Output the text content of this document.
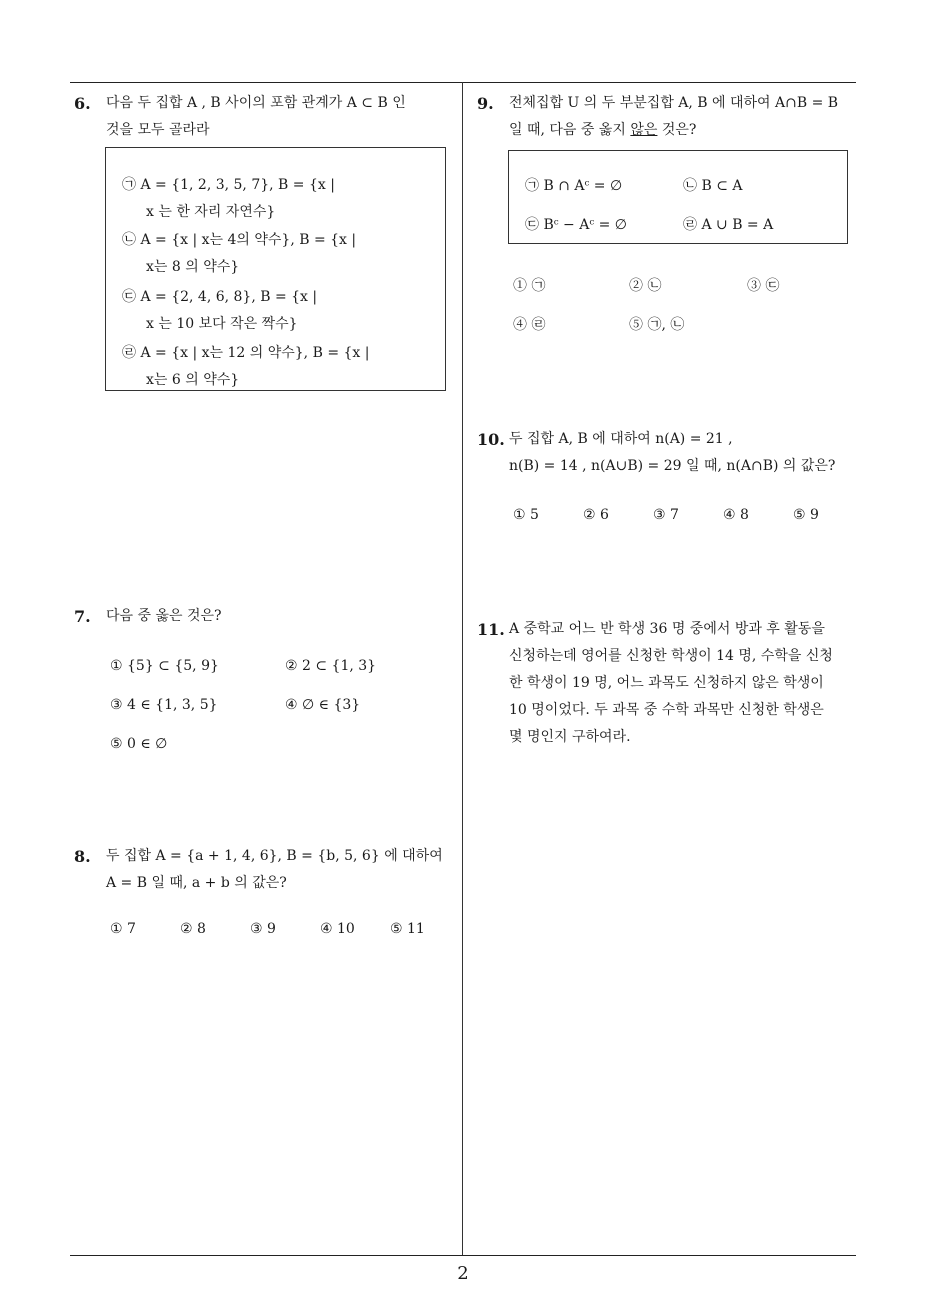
6. 다음 두 집합 A , B 사이의 포함 관계가 A ⊂ B 인
것을 모두 골라라
㉠ A = {1, 2, 3, 5, 7}, B = {x |
x 는 한 자리 자연수}
㉡ A = {x | x는 4의 약수}, B = {x |
x는 8 의 약수}
㉢ A = {2, 4, 6, 8}, B = {x |
x 는 10 보다 작은 짝수}
㉣ A = {x | x는 12 의 약수}, B = {x |
x는 6 의 약수}
7. 다음 중 옳은 것은?
① {5} ⊂ {5, 9}	② 2 ⊂ {1, 3}
③ 4 ∈ {1, 3, 5}	④ ∅ ∈ {3}
⑤ 0 ∈ ∅
8. 두 집합 A = {a + 1, 4, 6}, B = {b, 5, 6} 에 대하여
A = B 일 때, a + b 의 값은?
① 7	② 8	③ 9	④ 10	⑤ 11
9. 전체집합 U 의 두 부분집합 A, B 에 대하여 A∩B = B
일 때, 다음 중 옳지 않은 것은?
㉠ B ∩ Aᶜ = ∅	㉡ B ⊂ A
㉢ Bᶜ − Aᶜ = ∅	㉣ A ∪ B = A
① ㉠	② ㉡	③ ㉢
④ ㉣	⑤ ㉠, ㉡
10. 두 집합 A, B 에 대하여 n(A) = 21 ,
n(B) = 14 , n(A∪B) = 29 일 때, n(A∩B) 의 값은?
① 5	② 6	③ 7	④ 8	⑤ 9
11. A 중학교 어느 반 학생 36 명 중에서 방과 후 활동을
신청하는데 영어를 신청한 학생이 14 명, 수학을 신청
한 학생이 19 명, 어느 과목도 신청하지 않은 학생이
10 명이었다. 두 과목 중 수학 과목만 신청한 학생은
몇 명인지 구하여라.
2
